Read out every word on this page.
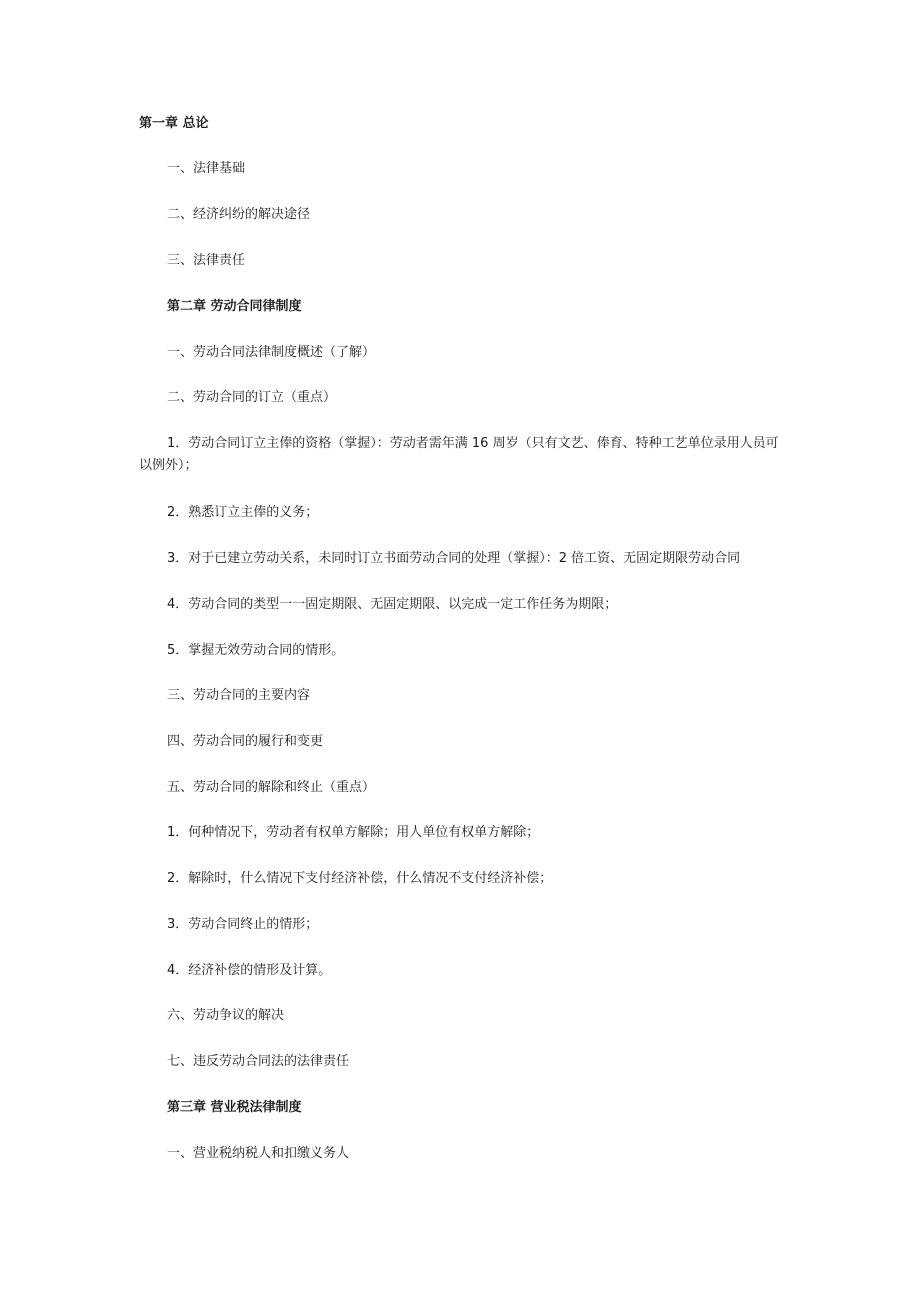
第一章 总论
一、法律基础
二、经济纠纷的解决途径
三、法律责任
第二章 劳动合同律制度
一、劳动合同法律制度概述（了解）
二、劳动合同的订立（重点）
1．劳动合同订立主俸的资格（掌握）：劳动者需年满 16 周岁（只有文艺、俸育、特种工艺单位录用人员可以例外）；
2．熟悉订立主俸的义务；
3．对于已建立劳动关系，未同时订立书面劳动合同的处理（掌握）：2 倍工资、无固定期限劳动合同
4．劳动合同的类型一一固定期限、无固定期限、以完成一定工作任务为期限；
5．掌握无效劳动合同的情形。
三、劳动合同的主要内容
四、劳动合同的履行和变更
五、劳动合同的解除和终止（重点）
1．何种情况下，劳动者有权单方解除；用人单位有权单方解除；
2．解除时，什么情况下支付经济补偿，什么情况不支付经济补偿；
3．劳动合同终止的情形；
4．经济补偿的情形及计算。
六、劳动争议的解决
七、违反劳动合同法的法律责任
第三章 营业税法律制度
一、营业税纳税人和扣缴义务人
